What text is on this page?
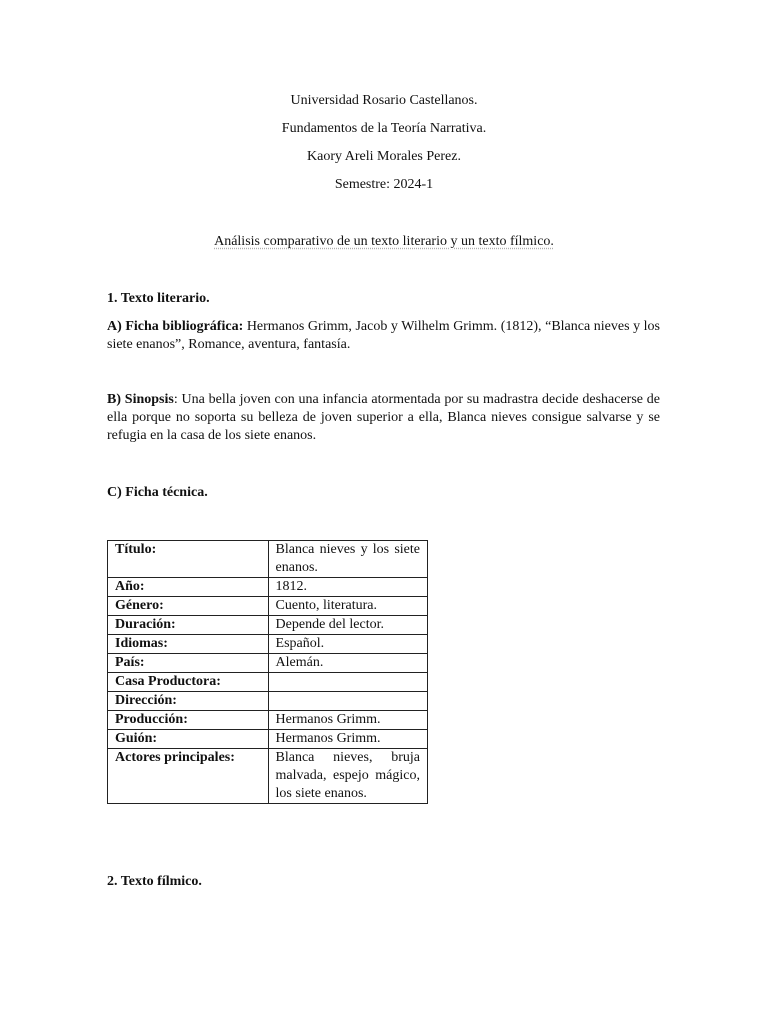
Universidad Rosario Castellanos.
Fundamentos de la Teoría Narrativa.
Kaory Areli Morales Perez.
Semestre: 2024-1
Análisis comparativo de un texto literario y un texto fílmico.
1. Texto literario.
A) Ficha bibliográfica: Hermanos Grimm, Jacob y Wilhelm Grimm. (1812), “Blanca nieves y los siete enanos”, Romance, aventura, fantasía.
B) Sinopsis: Una bella joven con una infancia atormentada por su madrastra decide deshacerse de ella porque no soporta su belleza de joven superior a ella, Blanca nieves consigue salvarse y se refugia en la casa de los siete enanos.
C) Ficha técnica.
Título:	Blanca nieves y los siete enanos.
Año:	1812.
Género:	Cuento, literatura.
Duración:	Depende del lector.
Idiomas:	Español.
País:	Alemán.
Casa Productora:	
Dirección:	
Producción:	Hermanos Grimm.
Guión:	Hermanos Grimm.
Actores principales:	Blanca nieves, bruja malvada, espejo mágico, los siete enanos.
2. Texto fílmico.
